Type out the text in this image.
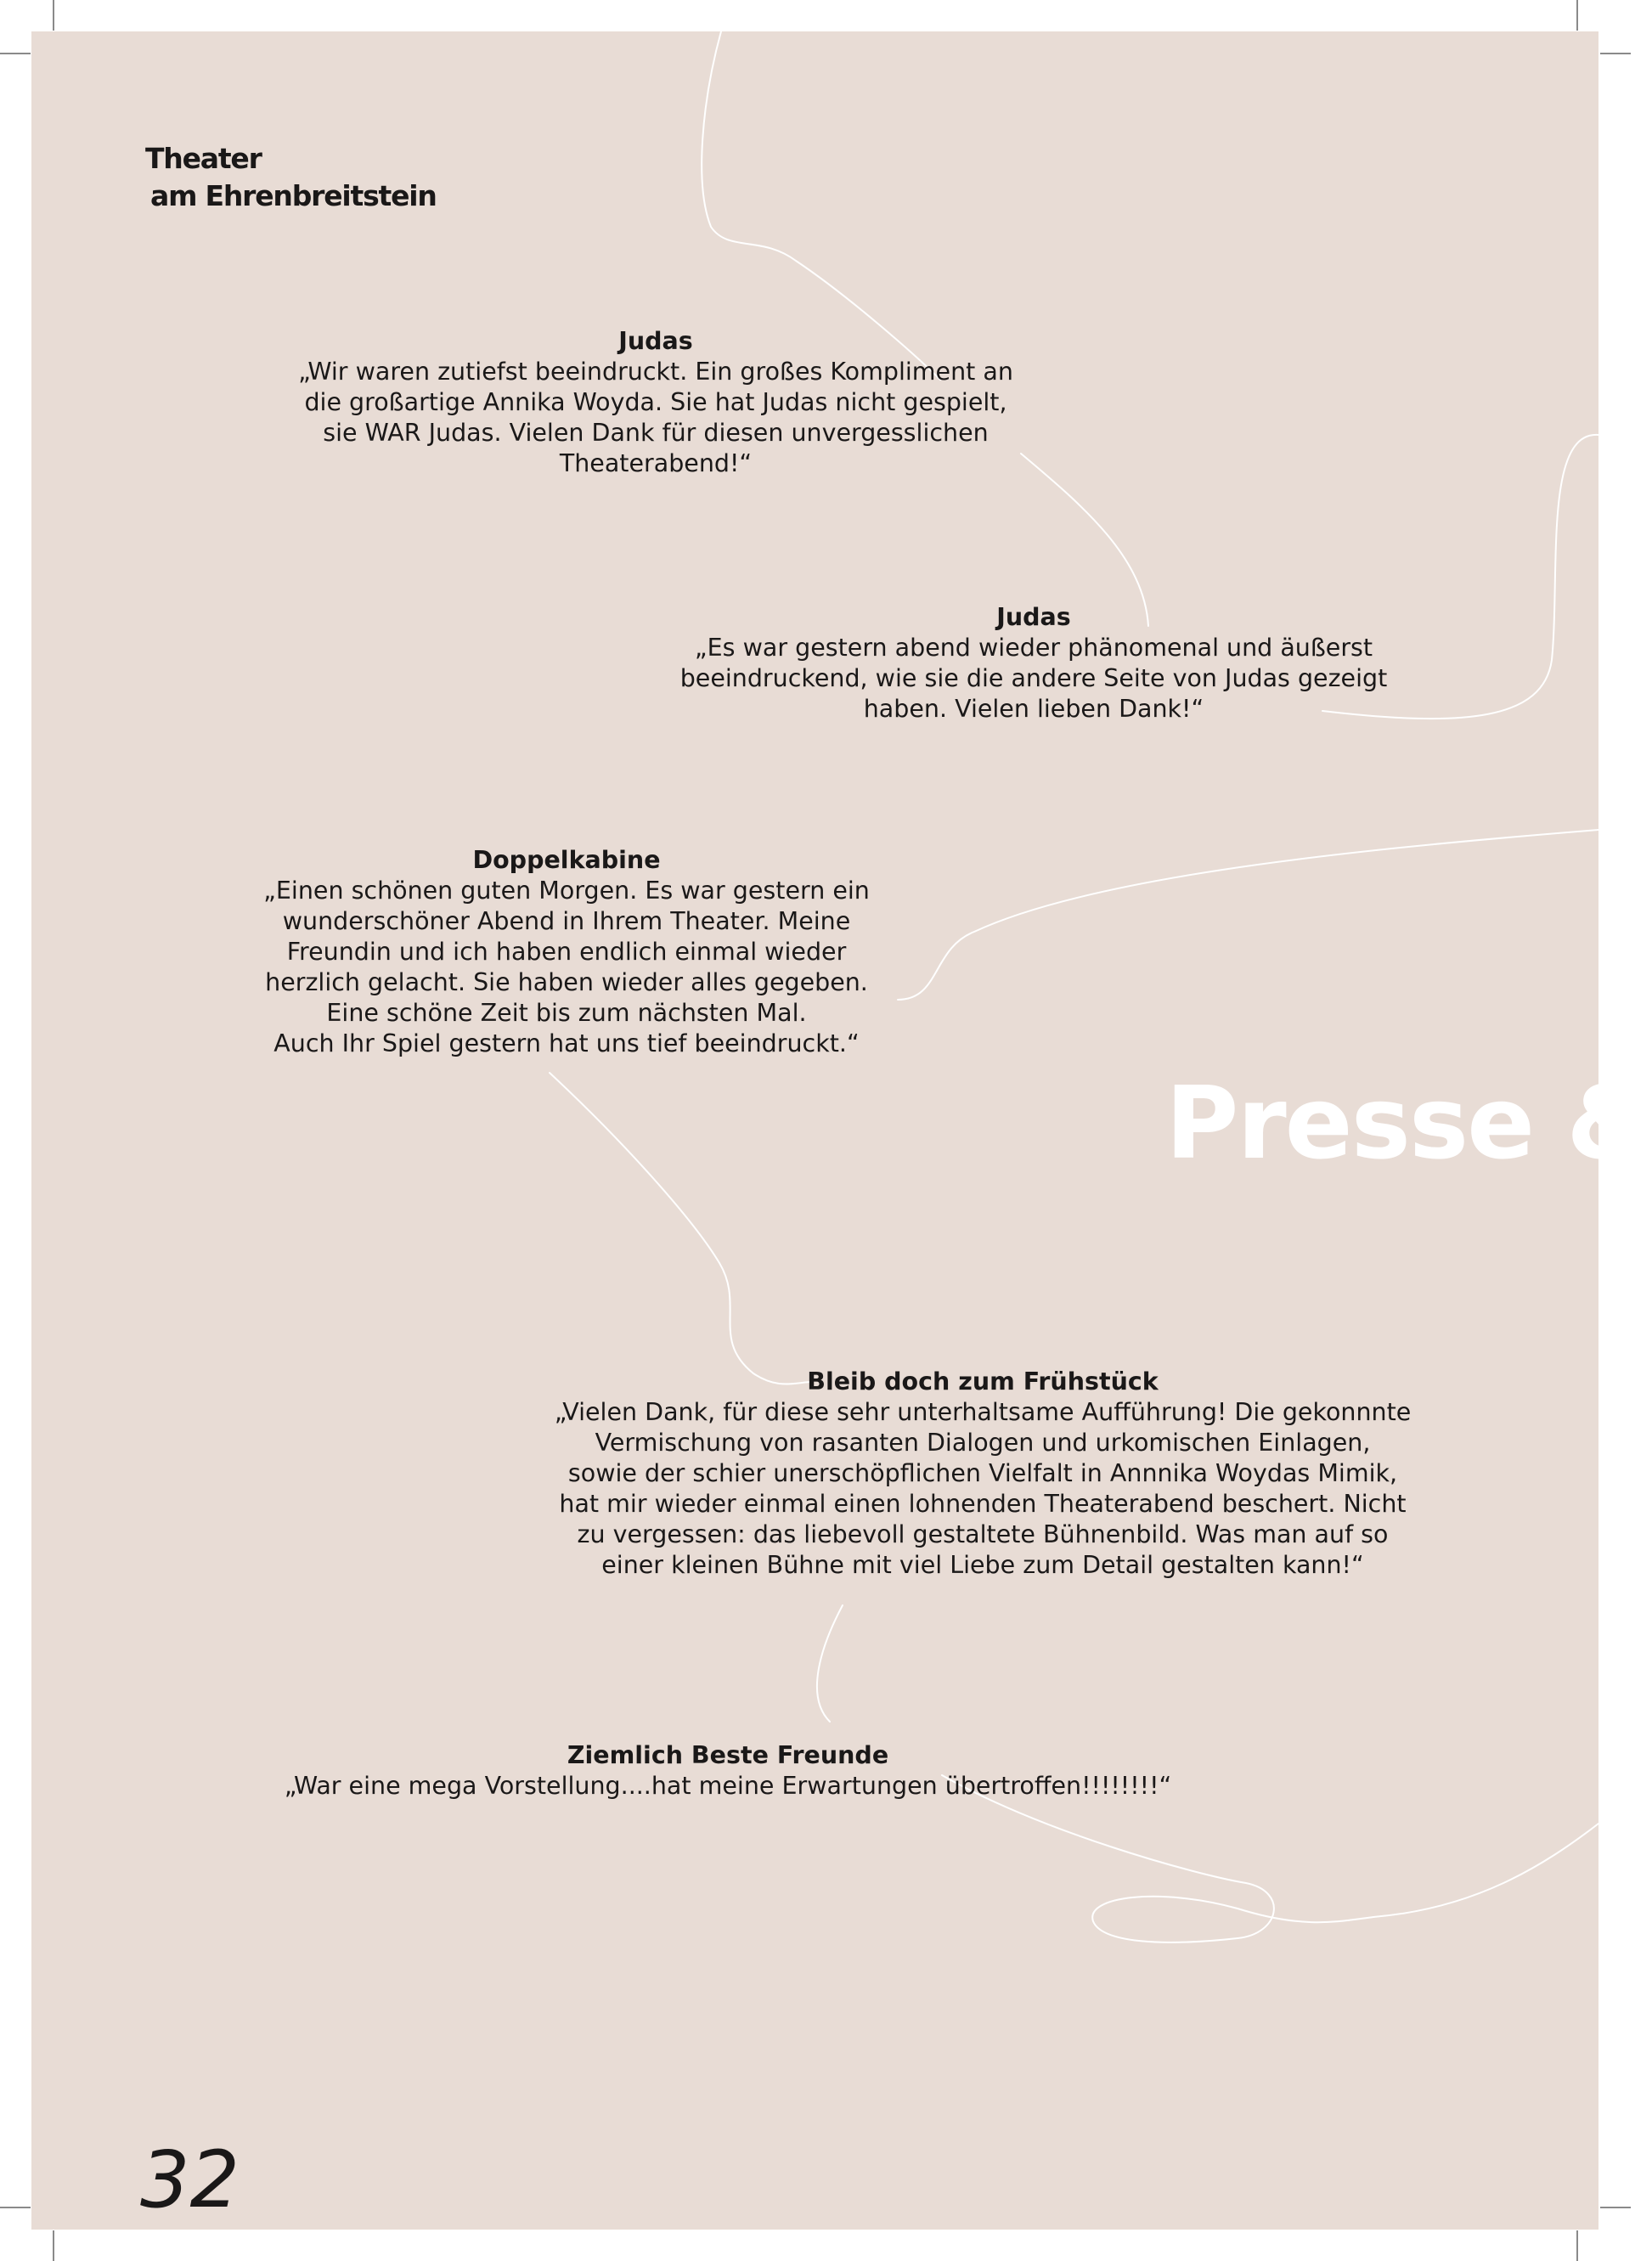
Theater
am Ehrenbreitstein
Judas
„Wir waren zutiefst beeindruckt. Ein großes Kompliment an
die großartige Annika Woyda. Sie hat Judas nicht gespielt,
sie WAR Judas. Vielen Dank für diesen unvergesslichen
Theaterabend!“
Judas
„Es war gestern abend wieder phänomenal und äußerst
beeindruckend, wie sie die andere Seite von Judas gezeigt
haben. Vielen lieben Dank!“
Doppelkabine
„Einen schönen guten Morgen. Es war gestern ein
wunderschöner Abend in Ihrem Theater. Meine
Freundin und ich haben endlich einmal wieder
herzlich gelacht. Sie haben wieder alles gegeben.
Eine schöne Zeit bis zum nächsten Mal.
Auch Ihr Spiel gestern hat uns tief beeindruckt.“
Bleib doch zum Frühstück
„Vielen Dank, für diese sehr unterhaltsame Aufführung! Die gekonnnte
Vermischung von rasanten Dialogen und urkomischen Einlagen,
sowie der schier unerschöpflichen Vielfalt in Annnika Woydas Mimik,
hat mir wieder einmal einen lohnenden Theaterabend beschert. Nicht
zu vergessen: das liebevoll gestaltete Bühnenbild. Was man auf so
einer kleinen Bühne mit viel Liebe zum Detail gestalten kann!“
Ziemlich Beste Freunde
„War eine mega Vorstellung....hat meine Erwartungen übertroffen!!!!!!!!“
Presse &
32
